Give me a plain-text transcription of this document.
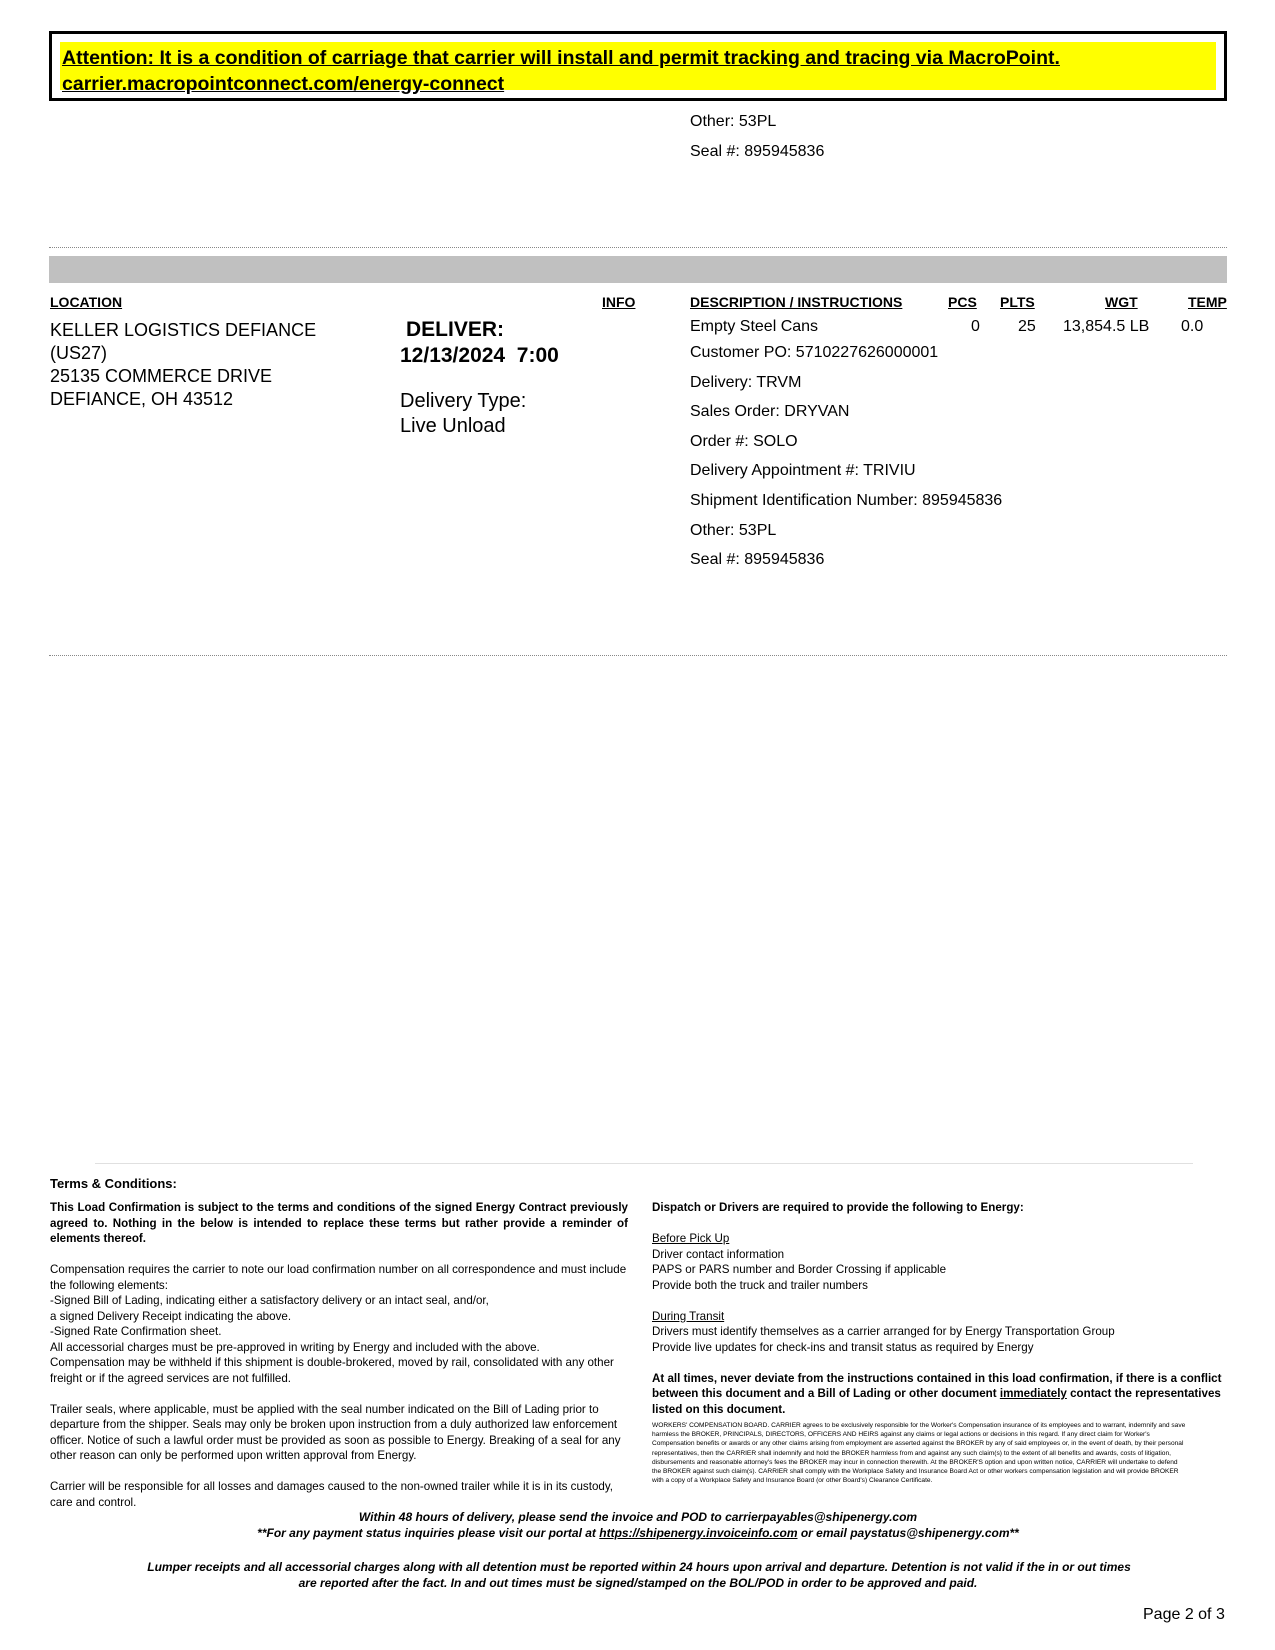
Attention: It is a condition of carriage that carrier will install and permit tracking and tracing via MacroPoint.
carrier.macropointconnect.com/energy-connect
Other: 53PL
Seal #: 895945836
LOCATION	INFO	DESCRIPTION / INSTRUCTIONS	PCS PLTS	WGT	TEMP
KELLER LOGISTICS DEFIANCE
(US27)
25135 COMMERCE DRIVE
DEFIANCE, OH 43512
DELIVER:
12/13/2024  7:00
Delivery Type:
Live Unload
Empty Steel Cans	0 25 13,854.5 LB 0.0
Customer PO: 5710227626000001
Delivery: TRVM
Sales Order: DRYVAN
Order #: SOLO
Delivery Appointment #: TRIVIU
Shipment Identification Number: 895945836
Other: 53PL
Seal #: 895945836
Terms & Conditions:

This Load Confirmation is subject to the terms and conditions of the signed Energy Contract previously agreed to. Nothing in the below is intended to replace these terms but rather provide a reminder of elements thereof.

Compensation requires the carrier to note our load confirmation number on all correspondence and must include the following elements:

-Signed Bill of Lading, indicating either a satisfactory delivery or an intact seal, and/or,

a signed Delivery Receipt indicating the above.

-Signed Rate Confirmation sheet.

All accessorial charges must be pre-approved in writing by Energy and included with the above.

Compensation may be withheld if this shipment is double-brokered, moved by rail, consolidated with any other freight or if the agreed services are not fulfilled.

Trailer seals, where applicable, must be applied with the seal number indicated on the Bill of Lading prior to departure from the shipper. Seals may only be broken upon instruction from a duly authorized law enforcement officer. Notice of such a lawful order must be provided as soon as possible to Energy. Breaking of a seal for any other reason can only be performed upon written approval from Energy.

Carrier will be responsible for all losses and damages caused to the non-owned trailer while it is in its custody, care and control.

Dispatch or Drivers are required to provide the following to Energy:

Before Pick Up

Driver contact information

PAPS or PARS number and Border Crossing if applicable

Provide both the truck and trailer numbers

During Transit

Drivers must identify themselves as a carrier arranged for by Energy Transportation Group

Provide live updates for check-ins and transit status as required by Energy

At all times, never deviate from the instructions contained in this load confirmation, if there is a conflict between this document and a Bill of Lading or other document immediately contact the representatives listed on this document.

WORKERS' COMPENSATION BOARD. CARRIER agrees to be exclusively responsible for the Worker's Compensation insurance of its employees and to warrant, indemnify and save harmless the BROKER, PRINCIPALS, DIRECTORS, OFFICERS AND HEIRS against any claims or legal actions or decisions in this regard. If any direct claim for Worker's Compensation benefits or awards or any other claims arising from employment are asserted against the BROKER by any of said employees or, in the event of death, by their personal representatives, then the CARRIER shall indemnify and hold the BROKER harmless from and against any such claim(s) to the extent of all benefits and awards, costs of litigation, disbursements and reasonable attorney's fees the BROKER may incur in connection therewith. At the BROKER'S option and upon written notice, CARRIER will undertake to defend the BROKER against such claim(s). CARRIER shall comply with the Workplace Safety and Insurance Board Act or other workers compensation legislation and will provide BROKER with a copy of a Workplace Safety and Insurance Board (or other Board's) Clearance Certificate.

Within 48 hours of delivery, please send the invoice and POD to carrierpayables@shipenergy.com
**For any payment status inquiries please visit our portal at https://shipenergy.invoiceinfo.com or email paystatus@shipenergy.com**
Lumper receipts and all accessorial charges along with all detention must be reported within 24 hours upon arrival and departure. Detention is not valid if the in or out times
are reported after the fact. In and out times must be signed/stamped on the BOL/POD in order to be approved and paid.
Page 2 of 3
